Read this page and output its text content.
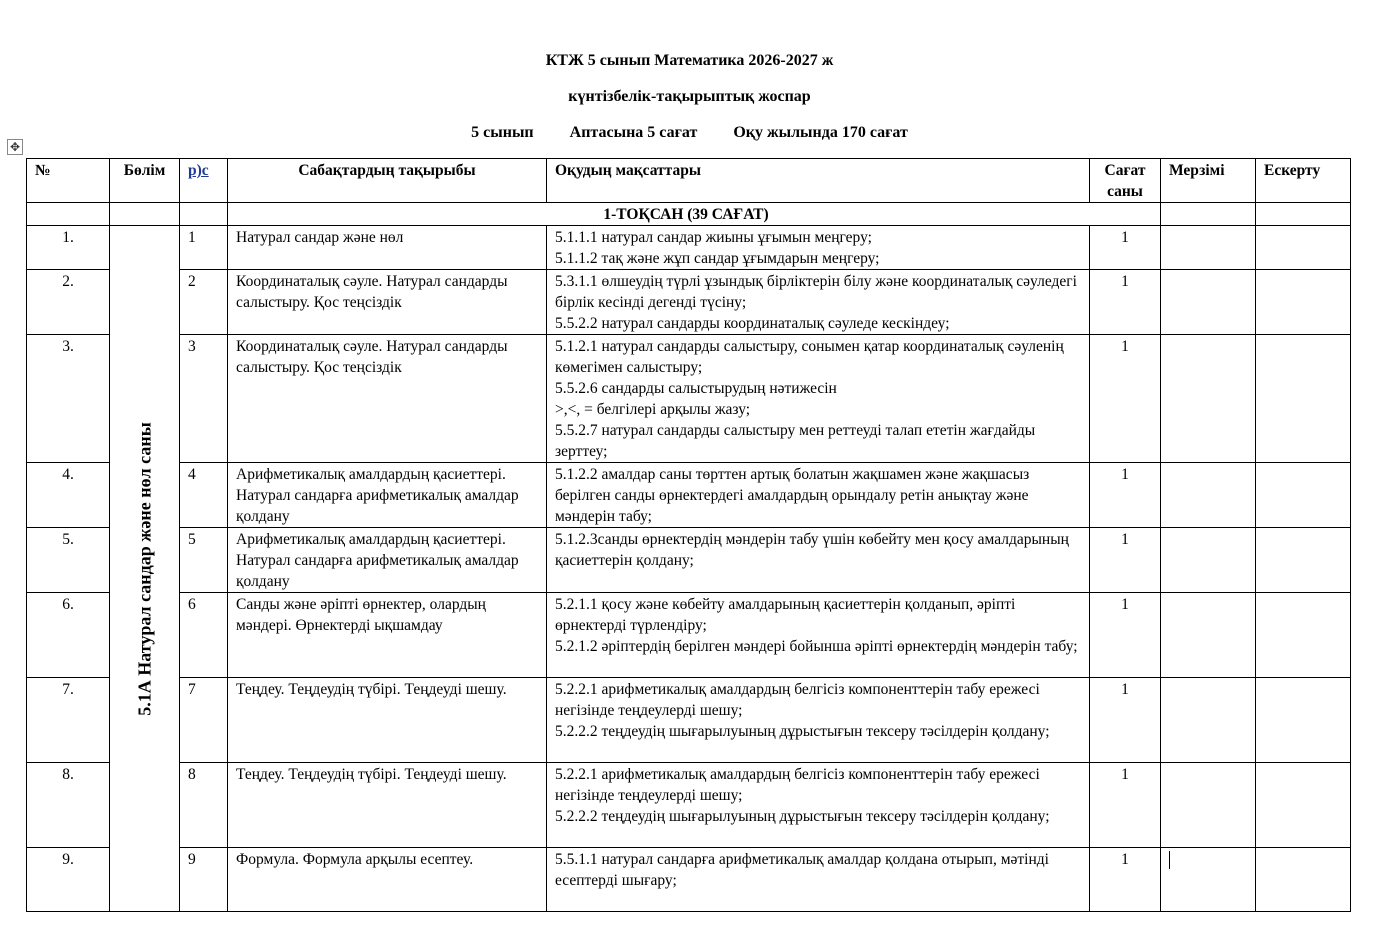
КТЖ 5 сынып Математика 2026-2027 ж
күнтізбелік-тақырыптық жоспар
5 сынып Аптасына 5 сағат Оқу жылында 170 сағат
✥
№	Бөлім	р)с	Сабақтардың тақырыбы	Оқудың мақсаттары	Сағат саны	Мерзімі	Ескерту
			1-ТОҚСАН (39 САҒАТ)				
1.	5.1А Натурал сандар және нөл саны	1	Натурал сандар және нөл	5.1.1.1 натурал сандар жиыны ұғымын меңгеру;
5.1.1.2 тақ және жұп сандар ұғымдарын меңгеру;	1		
2.		2	Координаталық сәуле. Натурал сандарды салыстыру. Қос теңсіздік	5.3.1.1 өлшеудің түрлі ұзындық бірліктерін білу және координаталық сәуледегі бірлік кесінді дегенді түсіну;
5.5.2.2 натурал сандарды координаталық сәуледе кескіндеу;	1		
3.		3	Координаталық сәуле. Натурал сандарды салыстыру. Қос теңсіздік	5.1.2.1 натурал сандарды салыстыру, сонымен қатар координаталық сәуленің көмегімен салыстыру;
5.5.2.6 сандарды салыстырудың нәтижесін
>,<, = белгілері арқылы жазу;
5.5.2.7 натурал сандарды салыстыру мен реттеуді талап ететін жағдайды зерттеу;	1		
4.		4	Арифметикалық амалдардың қасиеттері. Натурал сандарға арифметикалық амалдар қолдану	5.1.2.2 амалдар саны төрттен артық болатын жақшамен және жақшасыз берілген санды өрнектердегі амалдардың орындалу ретін анықтау және мәндерін табу;	1		
5.		5	Арифметикалық амалдардың қасиеттері. Натурал сандарға арифметикалық амалдар қолдану	5.1.2.3санды өрнектердің мәндерін табу үшін көбейту мен қосу амалдарының қасиеттерін қолдану;	1		
6.		6	Санды және әріпті өрнектер, олардың мәндері. Өрнектерді ықшамдау	5.2.1.1 қосу және көбейту амалдарының қасиеттерін қолданып, әріпті өрнектерді түрлендіру;
5.2.1.2 әріптердің берілген мәндері бойынша әріпті өрнектердің мәндерін табу;	1		
7.		7	Теңдеу. Теңдеудің түбірі. Теңдеуді шешу.	5.2.2.1 арифметикалық амалдардың белгісіз компоненттерін табу ережесі негізінде теңдеулерді шешу;
5.2.2.2 теңдеудің шығарылуының дұрыстығын тексеру тәсілдерін қолдану;	1		
8.		8	Теңдеу. Теңдеудің түбірі. Теңдеуді шешу.	5.2.2.1 арифметикалық амалдардың белгісіз компоненттерін табу ережесі негізінде теңдеулерді шешу;
5.2.2.2 теңдеудің шығарылуының дұрыстығын тексеру тәсілдерін қолдану;	1		
9.		9	Формула. Формула арқылы есептеу.	5.5.1.1 натурал сандарға арифметикалық амалдар қолдана отырып, мәтінді есептерді шығару;	1		
